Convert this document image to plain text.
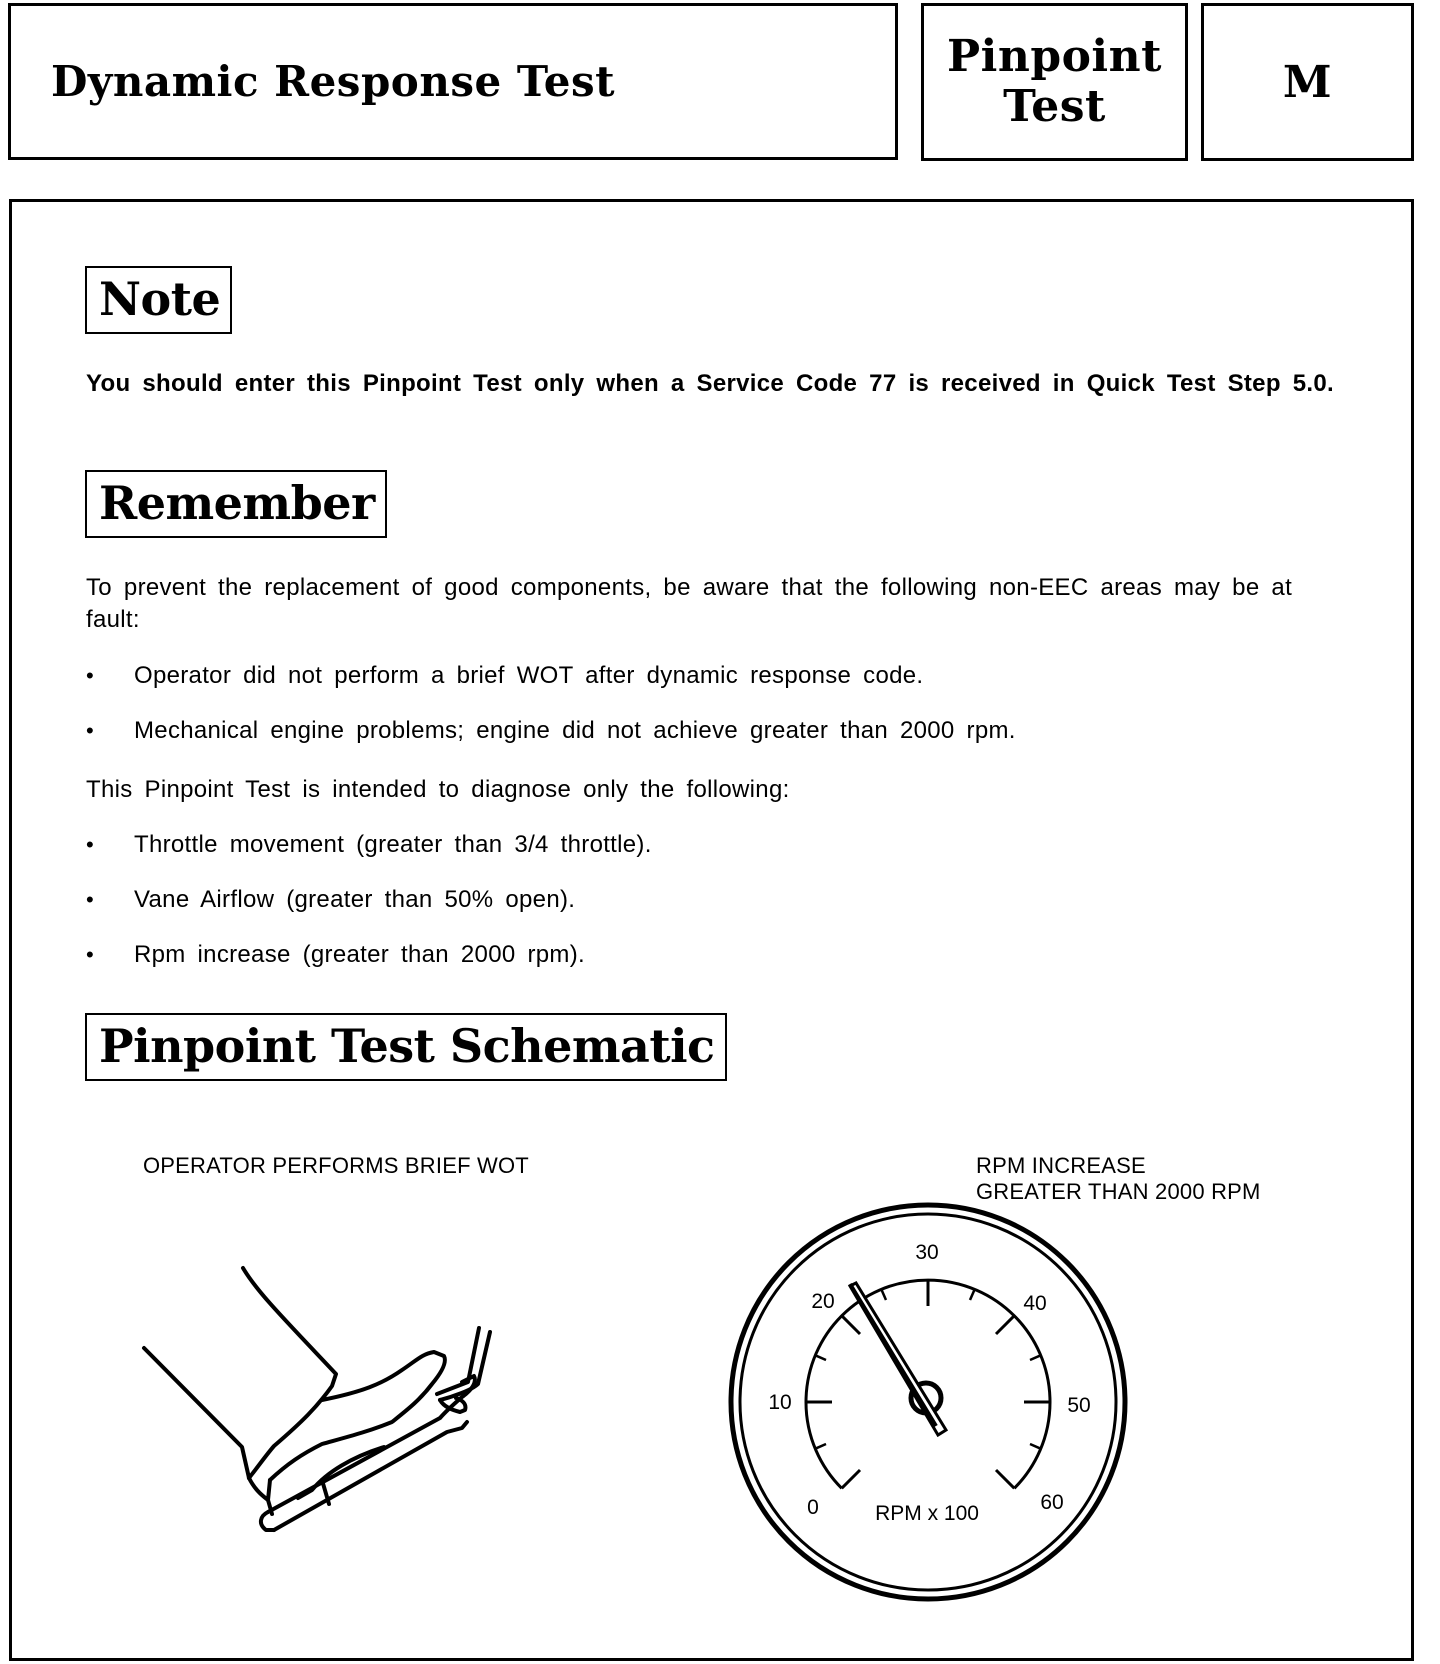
Dynamic Response Test	Pinpoint
Test	M
Note
You should enter this Pinpoint Test only when a Service Code 77 is received in Quick Test Step 5.0.
Remember
To prevent the replacement of good components, be aware that the following non-EEC areas may be at fault:
•	Operator did not perform a brief WOT after dynamic response code.
•	Mechanical engine problems; engine did not achieve greater than 2000 rpm.
This Pinpoint Test is intended to diagnose only the following:
•	Throttle movement (greater than 3/4 throttle).
•	Vane Airflow (greater than 50% open).
•	Rpm increase (greater than 2000 rpm).
Pinpoint Test Schematic
OPERATOR PERFORMS BRIEF WOT	RPM INCREASE
GREATER THAN 2000 RPM
0
10
20
30
40
50
60
RPM x 100
